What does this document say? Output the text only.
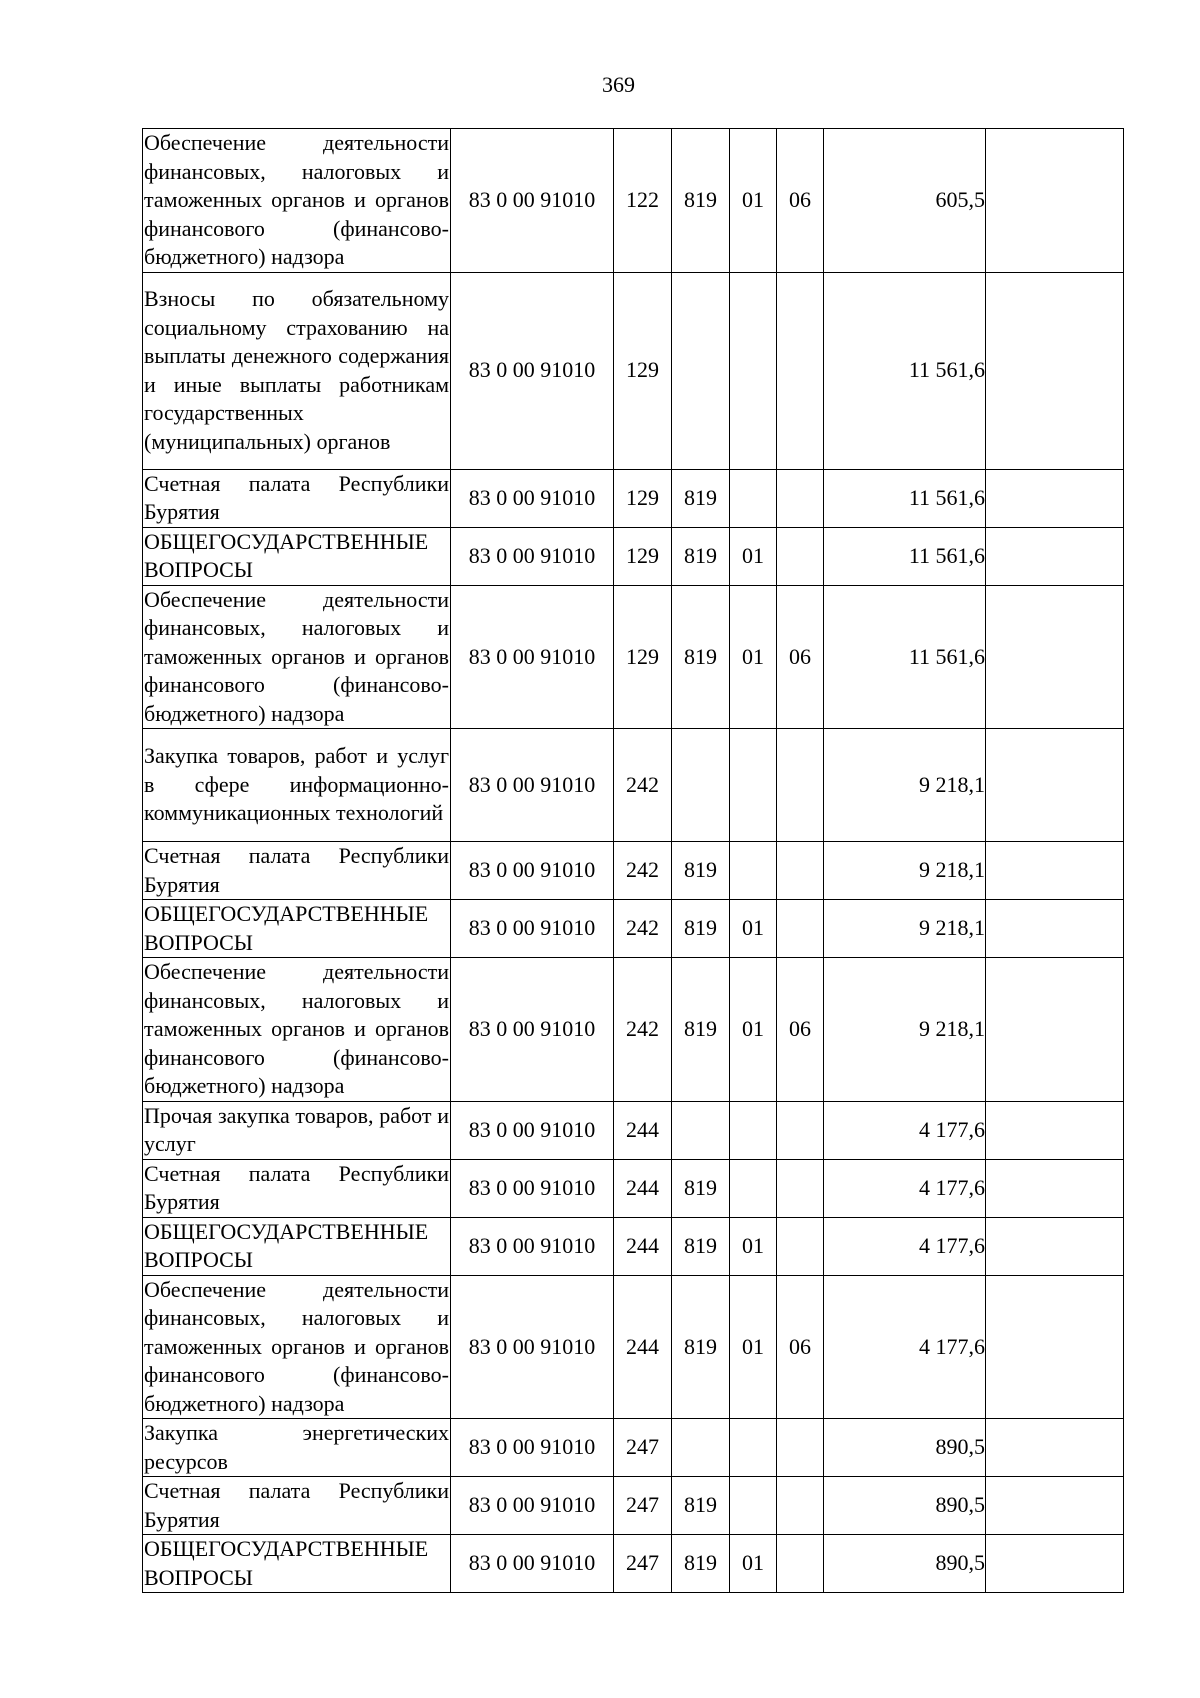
369
Обеспечение деятельности финансовых, налоговых и таможенных органов и органов финансового (финансово-бюджетного) надзора	83 0 00 91010	122	819	01	06	605,5	

Взносы по обязательному социальному страхованию на выплаты денежного содержания и иные выплаты работникам государственных (муниципальных) органов	83 0 00 91010	129				11 561,6	

Счетная палата Республики Бурятия	83 0 00 91010	129	819			11 561,6	

ОБЩЕГОСУДАРСТВЕННЫЕ ВОПРОСЫ	83 0 00 91010	129	819	01		11 561,6	

Обеспечение деятельности финансовых, налоговых и таможенных органов и органов финансового (финансово-бюджетного) надзора	83 0 00 91010	129	819	01	06	11 561,6	

Закупка товаров, работ и услуг в сфере информационно-коммуникационных технологий	83 0 00 91010	242				9 218,1	

Счетная палата Республики Бурятия	83 0 00 91010	242	819			9 218,1	

ОБЩЕГОСУДАРСТВЕННЫЕ ВОПРОСЫ	83 0 00 91010	242	819	01		9 218,1	

Обеспечение деятельности финансовых, налоговых и таможенных органов и органов финансового (финансово-бюджетного) надзора	83 0 00 91010	242	819	01	06	9 218,1	

Прочая закупка товаров, работ и услуг	83 0 00 91010	244				4 177,6	

Счетная палата Республики Бурятия	83 0 00 91010	244	819			4 177,6	

ОБЩЕГОСУДАРСТВЕННЫЕ ВОПРОСЫ	83 0 00 91010	244	819	01		4 177,6	

Обеспечение деятельности финансовых, налоговых и таможенных органов и органов финансового (финансово-бюджетного) надзора	83 0 00 91010	244	819	01	06	4 177,6	

Закупка энергетических ресурсов	83 0 00 91010	247				890,5	

Счетная палата Республики Бурятия	83 0 00 91010	247	819			890,5	

ОБЩЕГОСУДАРСТВЕННЫЕ ВОПРОСЫ	83 0 00 91010	247	819	01		890,5	
